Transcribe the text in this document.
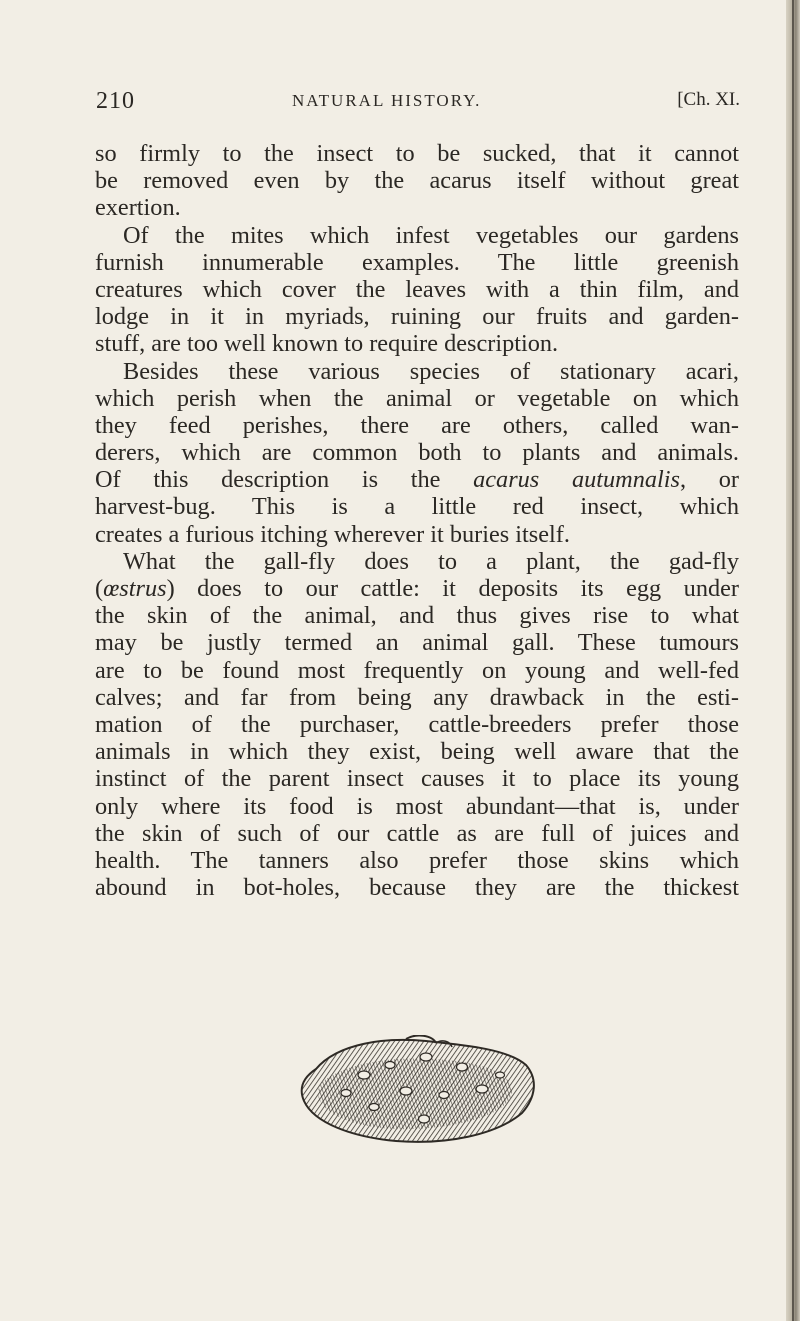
210	NATURAL HISTORY.	[Ch. XI.
so firmly to the insect to be sucked, that it cannot
be removed even by the acarus itself without great
exertion.
Of the mites which infest vegetables our gardens
furnish innumerable examples. The little greenish
creatures which cover the leaves with a thin film, and
lodge in it in myriads, ruining our fruits and garden-
stuff, are too well known to require description.
Besides these various species of stationary acari,
which perish when the animal or vegetable on which
they feed perishes, there are others, called wan-
derers, which are common both to plants and animals.
Of this description is the acarus autumnalis, or
harvest-bug. This is a little red insect, which
creates a furious itching wherever it buries itself.
What the gall-fly does to a plant, the gad-fly
(œstrus) does to our cattle: it deposits its egg under
the skin of the animal, and thus gives rise to what
may be justly termed an animal gall. These tumours
are to be found most frequently on young and well-fed
calves; and far from being any drawback in the esti-
mation of the purchaser, cattle-breeders prefer those
animals in which they exist, being well aware that the
instinct of the parent insect causes it to place its young
only where its food is most abundant—that is, under
the skin of such of our cattle as are full of juices and
health. The tanners also prefer those skins which
abound in bot-holes, because they are the thickest
